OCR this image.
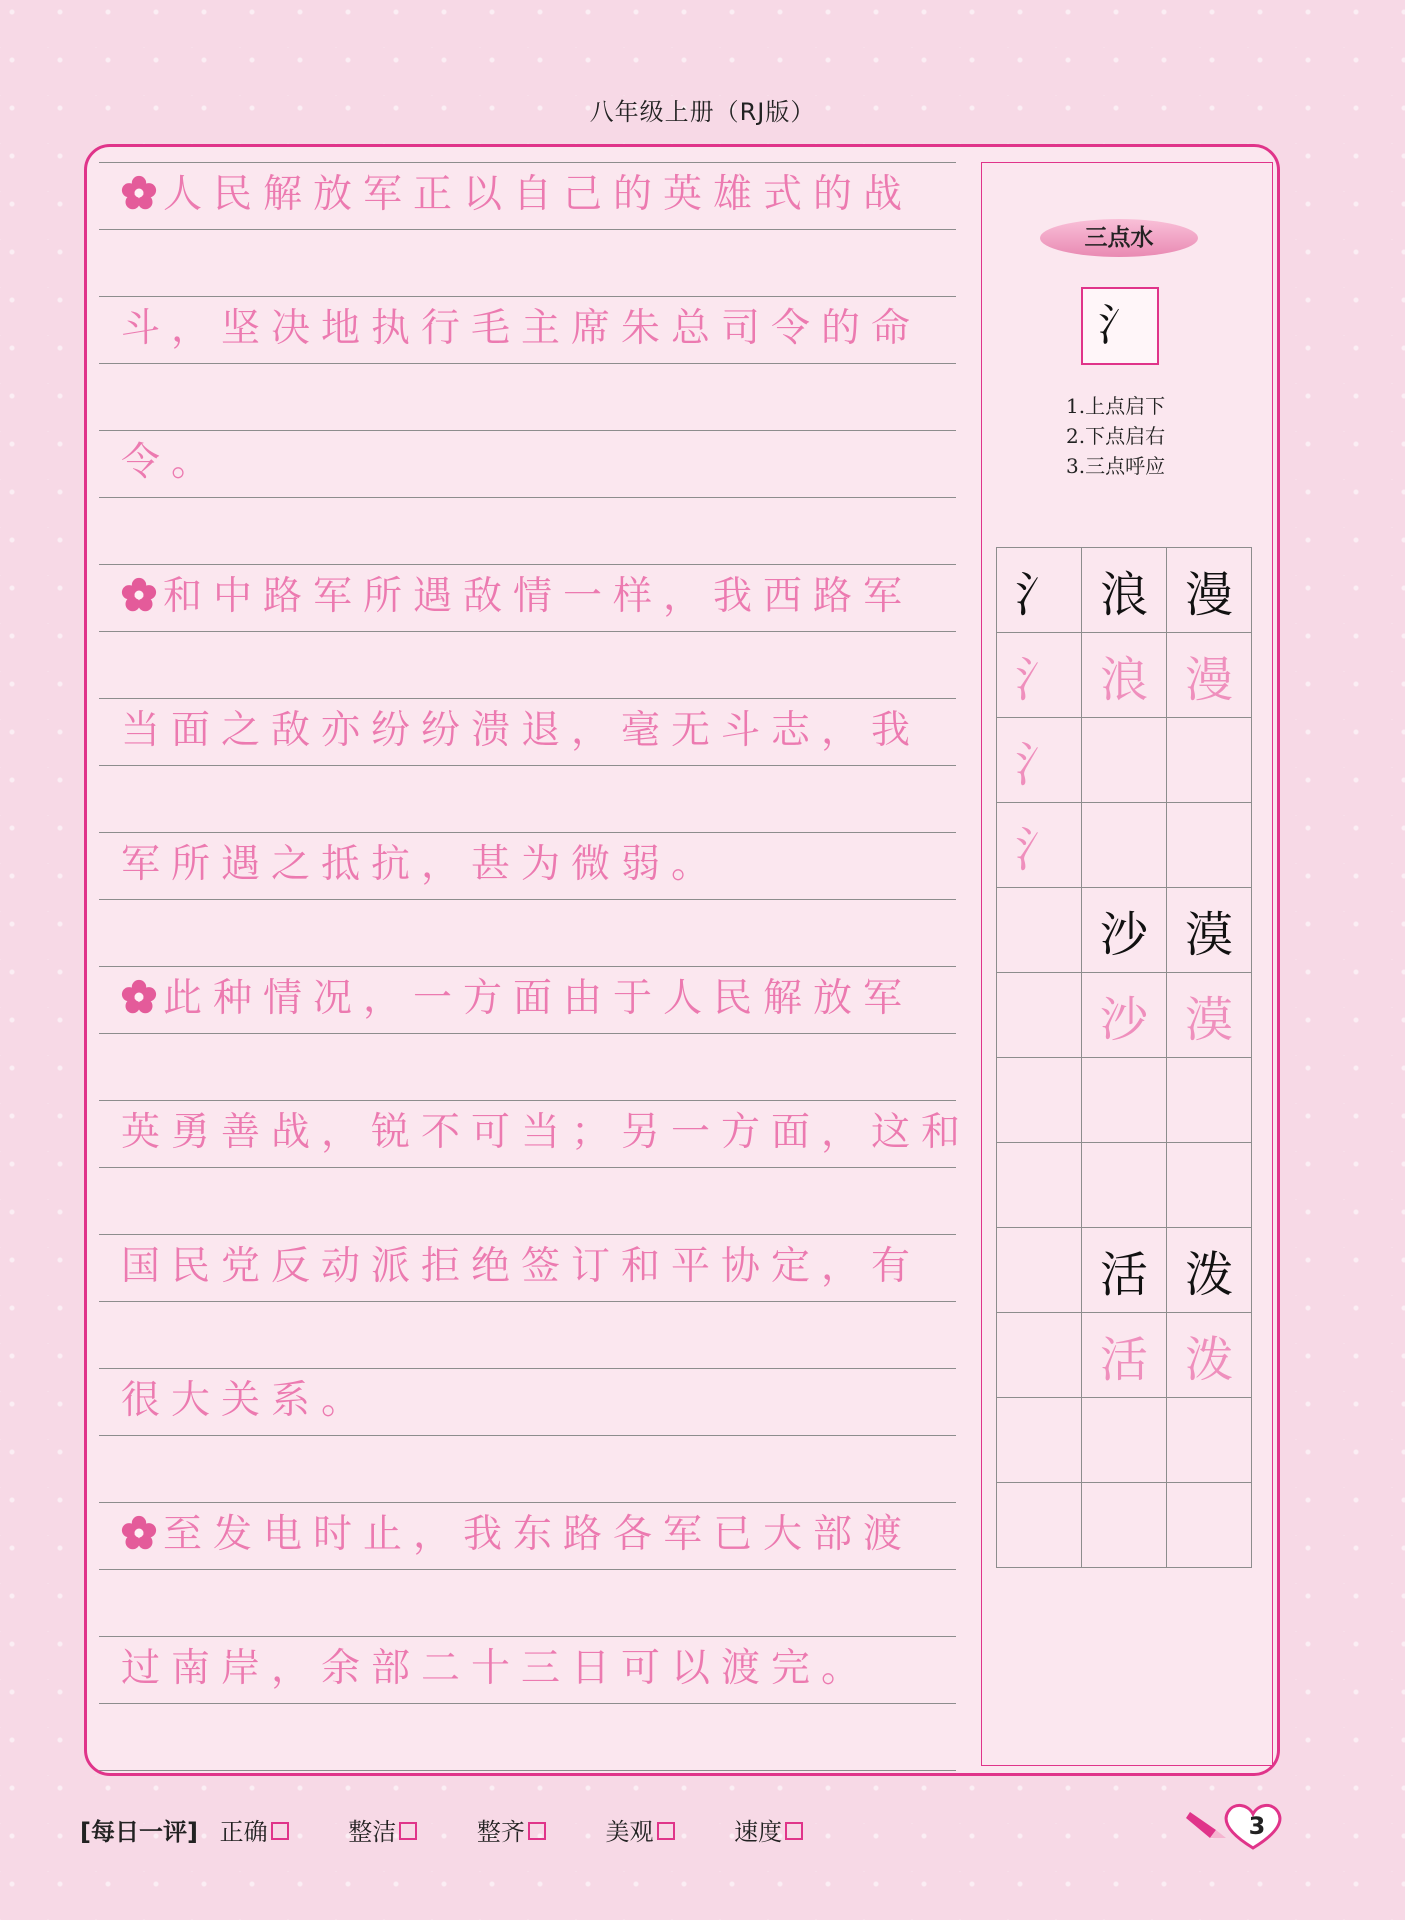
八年级上册（RJ版）
人民解放军正以自己的英雄式的战
斗，坚决地执行毛主席朱总司令的命
令。
和中路军所遇敌情一样，我西路军
当面之敌亦纷纷溃退，毫无斗志，我
军所遇之抵抗，甚为微弱。
此种情况，一方面由于人民解放军
英勇善战，锐不可当；另一方面，这和
国民党反动派拒绝签订和平协定，有
很大关系。
至发电时止，我东路各军已大部渡
过南岸，余部二十三日可以渡完。
三点水
氵
1.上点启下
2.下点启右
3.三点呼应
氵	浪	漫
氵	浪	漫
氵		
氵		
	沙	漠
	沙	漠

	活	泼
	活	泼

[每日一评] 正确	整洁	整齐	美观	速度	3
